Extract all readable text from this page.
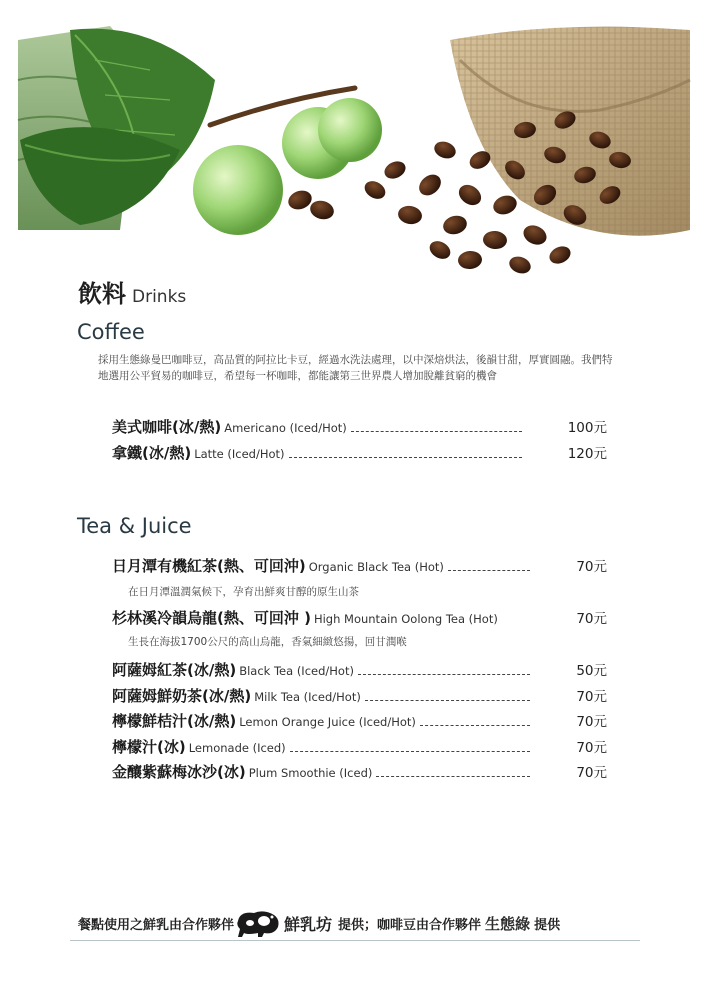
飲料 Drinks
Coffee
採用生態綠曼巴咖啡豆，高品質的阿拉比卡豆，經過水洗法處理，以中深焙烘法，後韻甘甜，厚實圓融。我們特地選用公平貿易的咖啡豆，希望每一杯咖啡，都能讓第三世界農人增加脫離貧窮的機會
美式咖啡(冰/熱) Americano (Iced/Hot)	100元
拿鐵(冰/熱) Latte (Iced/Hot)	120元
Tea & Juice
日月潭有機紅茶(熱、可回沖) Organic Black Tea (Hot)	70元
在日月潭溫潤氣候下，孕育出鮮爽甘醇的原生山茶
杉林溪冷韻烏龍(熱、可回沖 ) High Mountain Oolong Tea (Hot)	70元
生長在海拔1700公尺的高山烏龍，香氣細緻悠揚，回甘潤喉
阿薩姆紅茶(冰/熱) Black Tea (Iced/Hot)	50元
阿薩姆鮮奶茶(冰/熱) Milk Tea (Iced/Hot)	70元
檸檬鮮桔汁(冰/熱) Lemon Orange Juice (Iced/Hot)	70元
檸檬汁(冰) Lemonade (Iced)	70元
金釀紫蘇梅冰沙(冰) Plum Smoothie (Iced)	70元
餐點使用之鮮乳由合作夥伴	鮮乳坊 提供；咖啡豆由合作夥伴 生態綠 提供
